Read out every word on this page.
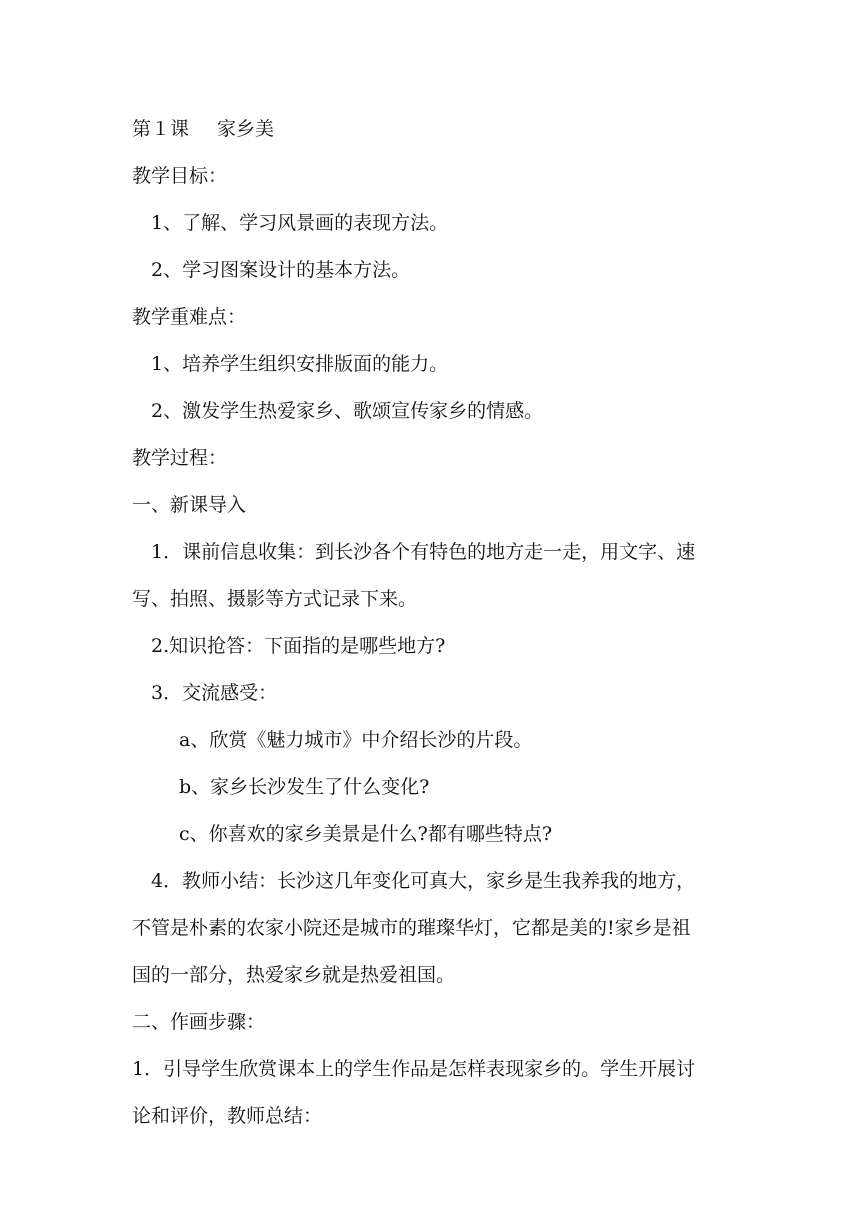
第１课 家乡美
教学目标：
1、了解、学习风景画的表现方法。
2、学习图案设计的基本方法。
教学重难点：
1、培养学生组织安排版面的能力。
2、激发学生热爱家乡、歌颂宣传家乡的情感。
教学过程：
一、新课导入
1．课前信息收集：到长沙各个有特色的地方走一走，用文字、速
写、拍照、摄影等方式记录下来。
2.知识抢答：下面指的是哪些地方?
3．交流感受：
a、欣赏《魅力城市》中介绍长沙的片段。
b、家乡长沙发生了什么变化?
c、你喜欢的家乡美景是什么?都有哪些特点?
4．教师小结：长沙这几年变化可真大，家乡是生我养我的地方，
不管是朴素的农家小院还是城市的璀璨华灯，它都是美的!家乡是祖
国的一部分，热爱家乡就是热爱祖国。
二、作画步骤：
1．引导学生欣赏课本上的学生作品是怎样表现家乡的。学生开展讨
论和评价，教师总结：
